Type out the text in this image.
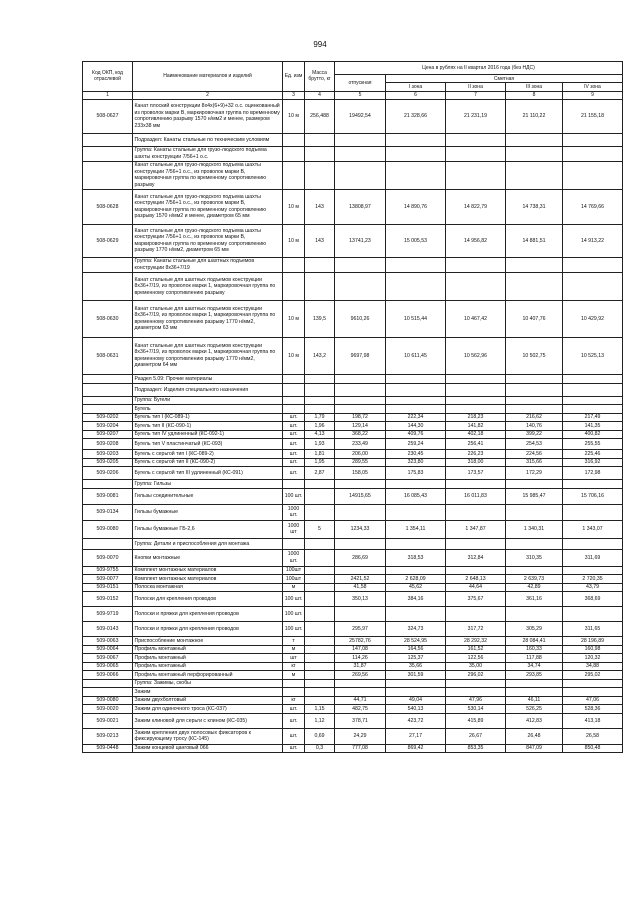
994
Код ОКП, код отраслевой	Наименование материалов и изделий	Ед. изм	Масса брутто, кг	Цена в рублях на II квартал 2016 года (без НДС)				
				отпускная	Сметная			
					I зона	II зона	III зона	IV зона
1	2	3	4	5	6	7	8	9
508-0627	Канат плоский конструкции 8х4х(6+9)+32 о.с. оцинкованный из проволок марки В, маркировочная группа по временному сопротивлению разрыву 1570 н/мм2 и менее, размером 233х38 мм	10 м	256,488	19492,54	21 328,66	21 231,19	21 110,22	21 155,18
	Подраздел: Канаты стальные по техническим условиям							
	Группа: Канаты стальные для грузо-людского подъема шахты конструкции 7/56+1 о.с.							
	Канат стальные для грузо-людского подъема шахты конструкции 7/56+1 о.с., из проволок марки В, маркировочная группа по временному сопротивлению разрыву							
508-0628	Канат стальные для грузо-людского подъема шахты конструкции 7/56+1 о.с., из проволок марки В, маркировочная группа по временному сопротивлению разрыву 1570 н/мм2 и менее, диаметром 65 мм	10 м	143	13808,97	14 890,76	14 822,79	14 738,31	14 769,66
508-0629	Канат стальные для грузо-людского подъема шахты конструкции 7/56+1 о.с., из проволок марки В, маркировочная группа по временному сопротивлению разрыву 1770 н/мм2, диаметром 65 мм	10 м	143	13741,23	15 005,53	14 956,82	14 881,51	14 913,22
	Группа: Канаты стальные для шахтных подъемов конструкции 8х36+7/19							
	Канат стальные для шахтных подъемов конструкции 8х36+7/19, из проволок марки 1, маркировочная группа по временному сопротивлению разрыву							
508-0630	Канат стальные для шахтных подъемов конструкции 8х36+7/19, из проволок марки 1, маркировочная группа по временному сопротивлению разрыву 1770 н/мм2, диаметром 63 мм	10 м	139,5	9610,26	10 515,44	10 467,42	10 407,76	10 429,92
508-0631	Канат стальные для шахтных подъемов конструкции 8х36+7/19, из проволок марки 1, маркировочная группа по временному сопротивлению разрыву 1770 н/мм2, диаметром 64 мм	10 м	143,2	9697,98	10 611,45	10 562,96	10 502,75	10 525,13
	Раздел 5.09: Прочие материалы							
	Подраздел: Изделия специального назначения							
	Группа: Бугели							
	Бугель							
509-0202	Бугель тип I (КС-089-1)	шт.	1,79	198,72	222,34	218,23	216,62	217,49
509-0204	Бугель тип II (КС-090-1)	шт.	1,96	129,14	144,30	141,82	140,76	141,35
509-0207	Бугель тип IV удлиненный (КС-092-1)	шт.	4,13	368,22	409,76	402,18	399,22	400,82
509-0208	Бугель тип V пластинчатый (КС-093)	шт.	1,93	233,49	259,24	256,41	254,53	255,55
509-0203	Бугель с серьгой тип I (КС-089-2)	шт.	1,81	206,00	230,45	226,23	224,56	225,46
509-0205	Бугель с серьгой тип II (КС-090-2)	шт.	1,95	289,55	323,80	318,00	315,66	316,92
509-0206	Бугель с серьгой тип III удлиненный (КС-091)	шт.	2,87	158,05	175,83	173,57	172,29	172,98
	Группа: Гильзы							
509-0081	Гильзы соединительные	100 шт.		14915,65	16 085,43	16 011,83	15 985,47	15 706,16
509-0134	Гильзы бумажные	1000 шт.						
509-0080	Гильзы бумажные ГБ-2,6	1000 шт	5	1234,33	1 354,11	1 347,87	1 340,31	1 343,07
	Группа: Детали и приспособления для монтажа							
509-0070	Кнопки монтажные	1000 шт.		286,69	318,53	312,84	310,35	311,69
509-9755	Комплект монтажных материалов	100шт						
509-0077	Комплект монтажных материалов	100шт		2421,52	2 628,09	2 648,13	2 639,73	2 720,35
509-0151	Полоска монтажная	м		41,58	45,62	44,64	42,89	43,79
509-0152	Полоски для крепления проводов	100 шт.		350,13	384,16	375,67	361,16	368,69
509-9719	Полоски и пряжки для крепления проводов	100 шт.						
509-0143	Полоски и пряжки для крепления проводов	100 шт.		295,97	324,73	317,72	305,29	311,65
509-0063	Приспособление монтажное	т		25782,76	28 524,95	28 292,32	28 084,41	28 196,89
509-0064	Профиль монтажный	м		147,08	164,56	161,52	160,33	160,98
509-0067	Профиль монтажный	шт		114,26	125,37	122,56	117,88	120,32
509-0065	Профиль монтажный	кг		31,87	35,66	35,00	34,74	34,88
509-0066	Профиль монтажный перфорированный	м		269,56	301,59	296,02	293,85	295,02
	Группа: Зажимы, скобы							
	Зажим							
509-0080	Зажим двухболтовый	кг		44,71	49,04	47,96	46,11	47,06
509-0020	Зажим для одиночного троса (КС-037)	шт.	1,15	482,75	540,13	530,14	526,25	528,36
509-0021	Зажим клиновой для серьги с клином (КС-035)	шт.	1,12	378,71	423,72	415,89	412,83	413,18
509-0213	Зажим крепления двух полосовых фиксаторов к фиксирующему тросу (КС-145)	шт.	0,69	24,29	27,17	26,67	26,48	26,58
509-0448	Зажим концевой цанговый 066	шт.	0,3	777,08	869,42	853,35	847,09	850,48
